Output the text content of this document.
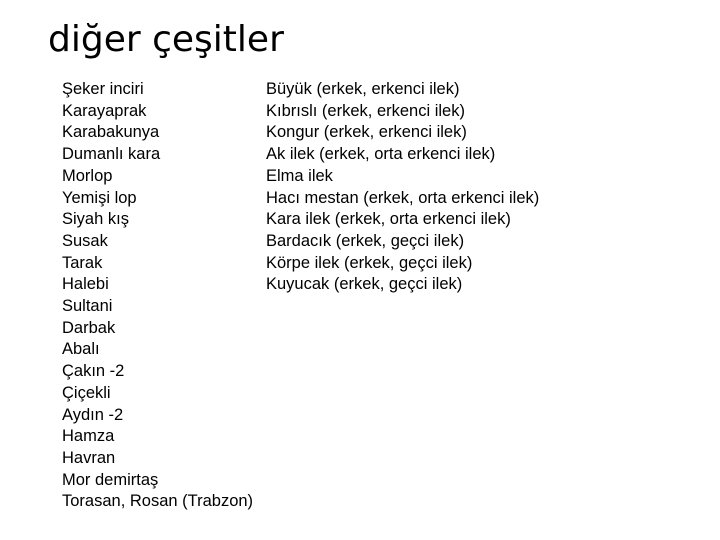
diğer çeşitler
Şeker inciri
Karayaprak
Karabakunya
Dumanlı kara
Morlop
Yemişi lop
Siyah kış
Susak
Tarak
Halebi
Sultani
Darbak
Abalı
Çakın -2
Çiçekli
Aydın -2
Hamza
Havran
Mor demirtaş
Torasan, Rosan (Trabzon)
Büyük (erkek, erkenci ilek)
Kıbrıslı (erkek, erkenci ilek)
Kongur (erkek, erkenci ilek)
Ak ilek (erkek, orta erkenci ilek)
Elma ilek
Hacı mestan (erkek, orta erkenci ilek)
Kara ilek (erkek, orta erkenci ilek)
Bardacık (erkek, geçci ilek)
Körpe ilek (erkek, geçci ilek)
Kuyucak (erkek, geçci ilek)
